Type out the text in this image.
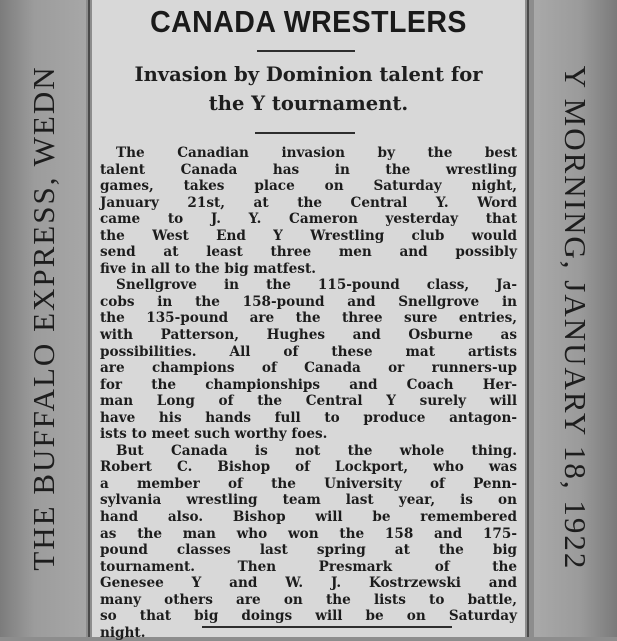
THE BUFFALO EXPRESS, WEDN	Y MORNING, JANUARY 18, 1922
CANADA WRESTLERS
Invasion by Dominion talent for
the Y tournament.
The Canadian invasion by the best
talent Canada has in the wrestling
games, takes place on Saturday night,
January 21st, at the Central Y. Word
came to J. Y. Cameron yesterday that
the West End Y Wrestling club would
send at least three men and possibly
five in all to the big matfest.
Snellgrove in the 115-pound class, Ja-
cobs in the 158-pound and Snellgrove in
the 135-pound are the three sure entries,
with Patterson, Hughes and Osburne as
possibilities. All of these mat artists
are champions of Canada or runners-up
for the championships and Coach Her-
man Long of the Central Y surely will
have his hands full to produce antagon-
ists to meet such worthy foes.
But Canada is not the whole thing.
Robert C. Bishop of Lockport, who was
a member of the University of Penn-
sylvania wrestling team last year, is on
hand also. Bishop will be remembered
as the man who won the 158 and 175-
pound classes last spring at the big
tournament. Then Presmark of the
Genesee Y and W. J. Kostrzewski and
many others are on the lists to battle,
so that big doings will be on Saturday
night.
